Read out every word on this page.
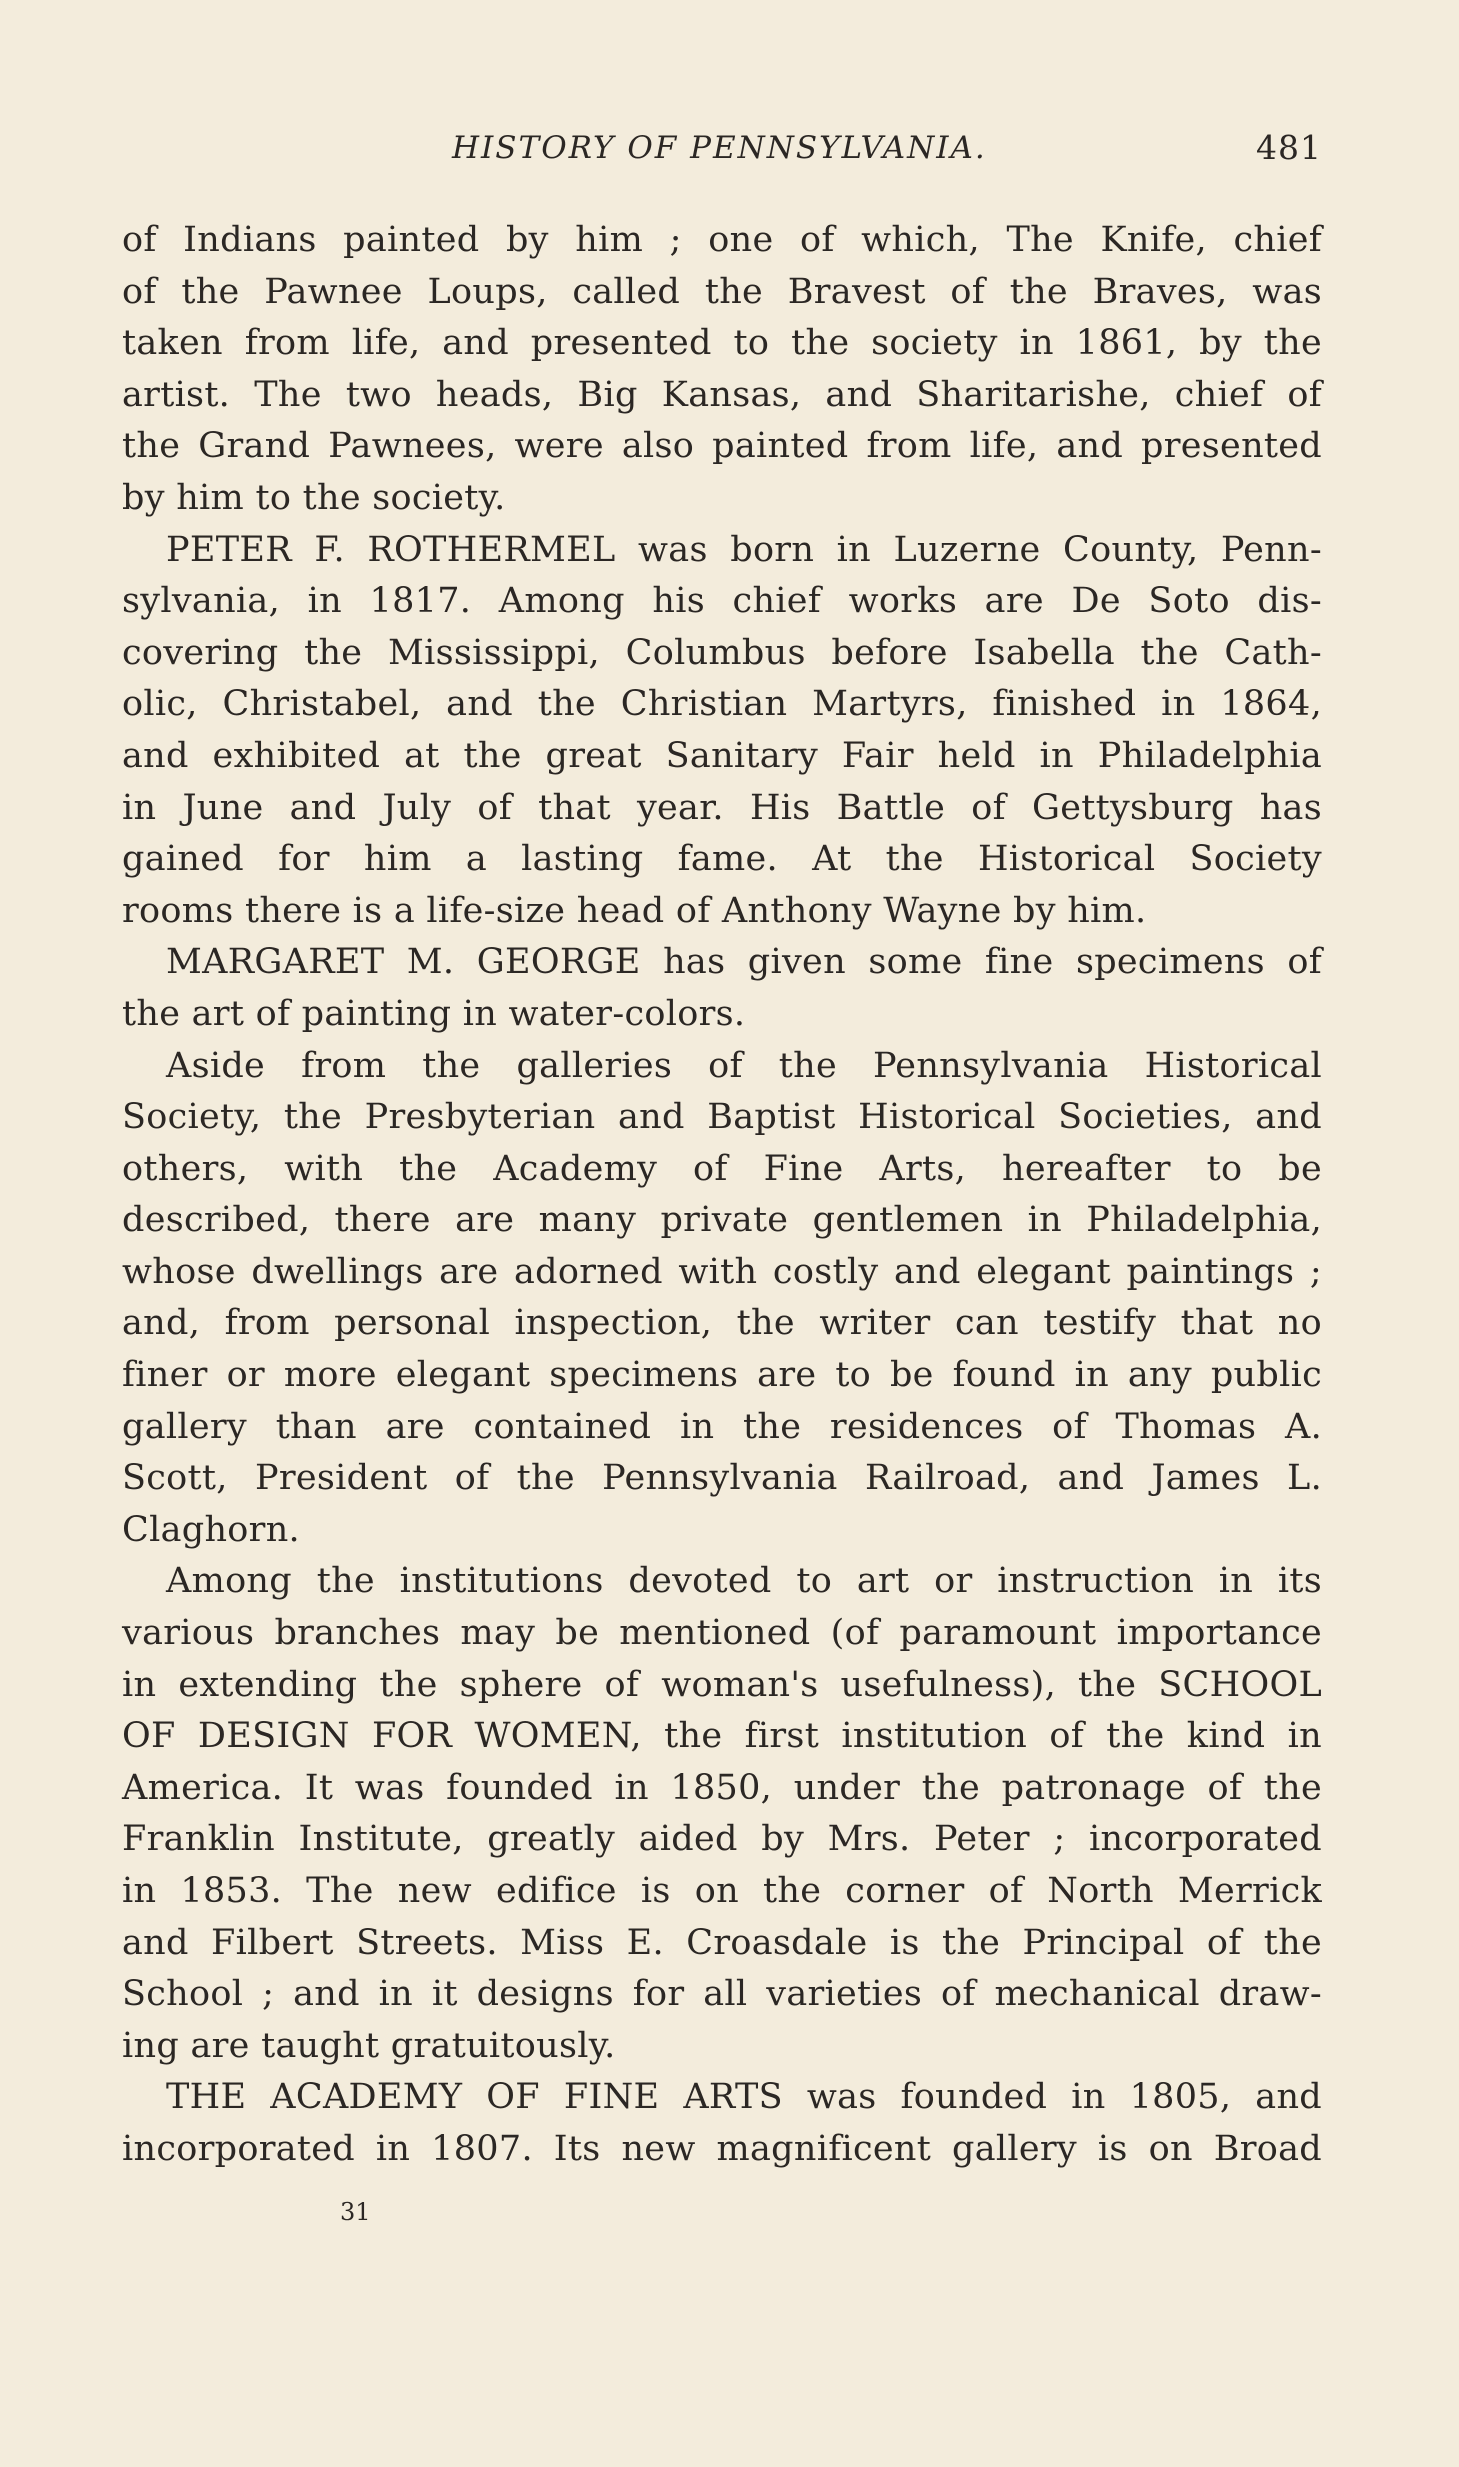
HISTORY OF PENNSYLVANIA.	481
of Indians painted by him ; one of which, The Knife, chief
of the Pawnee Loups, called the Bravest of the Braves, was
taken from life, and presented to the society in 1861, by the
artist. The two heads, Big Kansas, and Sharitarishe, chief of
the Grand Pawnees, were also painted from life, and presented
by him to the society.
PETER F. ROTHERMEL was born in Luzerne County, Penn-
sylvania, in 1817. Among his chief works are De Soto dis-
covering the Mississippi, Columbus before Isabella the Cath-
olic, Christabel, and the Christian Martyrs, finished in 1864,
and exhibited at the great Sanitary Fair held in Philadelphia
in June and July of that year. His Battle of Gettysburg has
gained for him a lasting fame. At the Historical Society
rooms there is a life-size head of Anthony Wayne by him.
MARGARET M. GEORGE has given some fine specimens of
the art of painting in water-colors.
Aside from the galleries of the Pennsylvania Historical
Society, the Presbyterian and Baptist Historical Societies, and
others, with the Academy of Fine Arts, hereafter to be
described, there are many private gentlemen in Philadelphia,
whose dwellings are adorned with costly and elegant paintings ;
and, from personal inspection, the writer can testify that no
finer or more elegant specimens are to be found in any public
gallery than are contained in the residences of Thomas A.
Scott, President of the Pennsylvania Railroad, and James L.
Claghorn.
Among the institutions devoted to art or instruction in its
various branches may be mentioned (of paramount importance
in extending the sphere of woman's usefulness), the SCHOOL
OF DESIGN FOR WOMEN, the first institution of the kind in
America. It was founded in 1850, under the patronage of the
Franklin Institute, greatly aided by Mrs. Peter ; incorporated
in 1853. The new edifice is on the corner of North Merrick
and Filbert Streets. Miss E. Croasdale is the Principal of the
School ; and in it designs for all varieties of mechanical draw-
ing are taught gratuitously.
THE ACADEMY OF FINE ARTS was founded in 1805, and
incorporated in 1807. Its new magnificent gallery is on Broad
31
